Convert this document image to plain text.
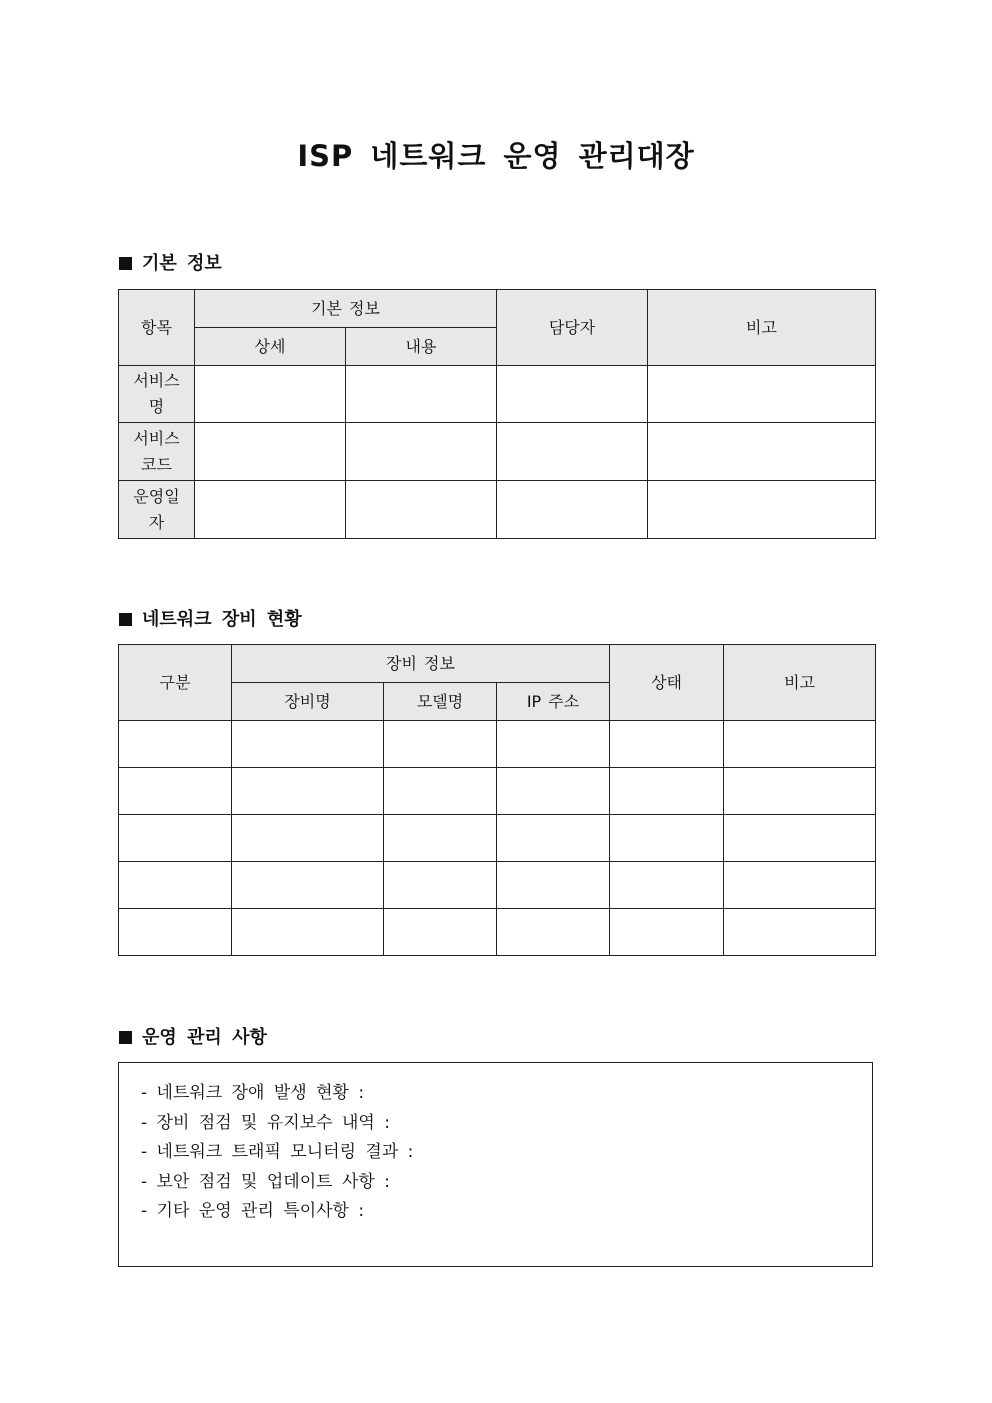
ISP 네트워크 운영 관리대장
기본 정보
항목	기본 정보		담당자	비고
	상세	내용		
서비스명				
서비스코드				
운영일자				
네트워크 장비 현황
구분	장비 정보			상태	비고
	장비명	모델명	IP 주소		

운영 관리 사항
- 네트워크 장애 발생 현황 :
- 장비 점검 및 유지보수 내역 :
- 네트워크 트래픽 모니터링 결과 :
- 보안 점검 및 업데이트 사항 :
- 기타 운영 관리 특이사항 :
